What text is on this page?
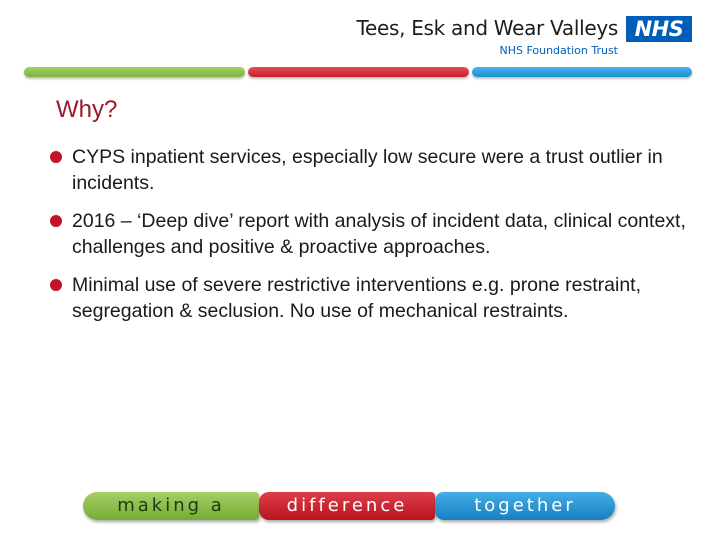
Tees, Esk and Wear Valleys
NHS Foundation Trust
NHS
Why?
CYPS inpatient services, especially low secure were a trust outlier in incidents.
2016 – ‘Deep dive’ report with analysis of incident data, clinical context, challenges and positive & proactive approaches.
Minimal use of severe restrictive interventions e.g. prone restraint, segregation & seclusion. No use of mechanical restraints.
making a	difference	together
